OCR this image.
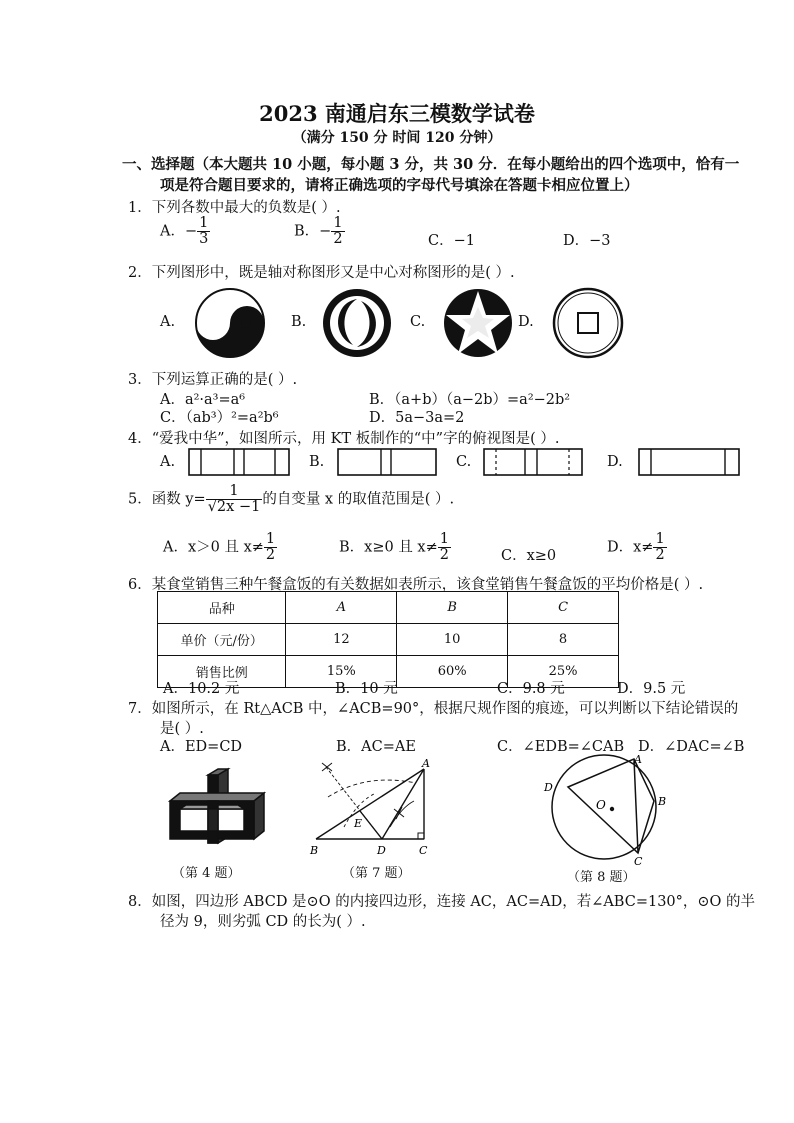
2023 南通启东三模数学试卷
（满分 150 分 时间 120 分钟）
一、选择题（本大题共 10 小题，每小题 3 分，共 30 分．在每小题给出的四个选项中，恰有一
项是符合题目要求的，请将正确选项的字母代号填涂在答题卡相应位置上）
1．下列各数中最大的负数是( ）.
A．− $\frac{1}{3}$	B．− $\frac{1}{2}$	C．−1	D．−3
2．下列图形中，既是轴对称图形又是中心对称图形的是( ）.
A.	B.	C.	D.
3．下列运算正确的是( ）.
A．a²·a³=a⁶	B．（a+b）（a−2b）=a²−2b²
C．（ab³）²=a²b⁶	D．5a−3a=2
4．“爱我中华”，如图所示，用 KT 板制作的“中”字的俯视图是( ）.
A.	B.	C.	D.
5．函数 $y= \frac{1}{√2x -1}$ 的自变量 x 的取值范围是( ）.
A．x＞0 且 $x\ne \frac{1}{2}$	B．x≥0 且 $x\ne \frac{1}{2}$	C．x≥0
D．$x\ne \frac{1}{2}$
6．某食堂销售三种午餐盒饭的有关数据如表所示，该食堂销售午餐盒饭的平均价格是( ）.
品种	A	B	C
单价（元/份）	12	10	8
销售比例	15%	60%	25%
A．10.2 元	B．10 元	C．9.8 元	D．9.5 元
7．如图所示，在 Rt△ACB 中，∠ACB=90°，根据尺规作图的痕迹，可以判断以下结论错误的
是( ）.
A．ED=CD	B．AC=AE	C．∠EDB=∠CAB D．∠DAC=∠B
（第 4 题）
A
B	C
D
E
（第 7 题）
O
A
B
C
D
（第 8 题）
8．如图，四边形 ABCD 是⊙O 的内接四边形，连接 AC，AC=AD，若∠ABC=130°，⊙O 的半
径为 9，则劣弧 CD 的长为( ）.
